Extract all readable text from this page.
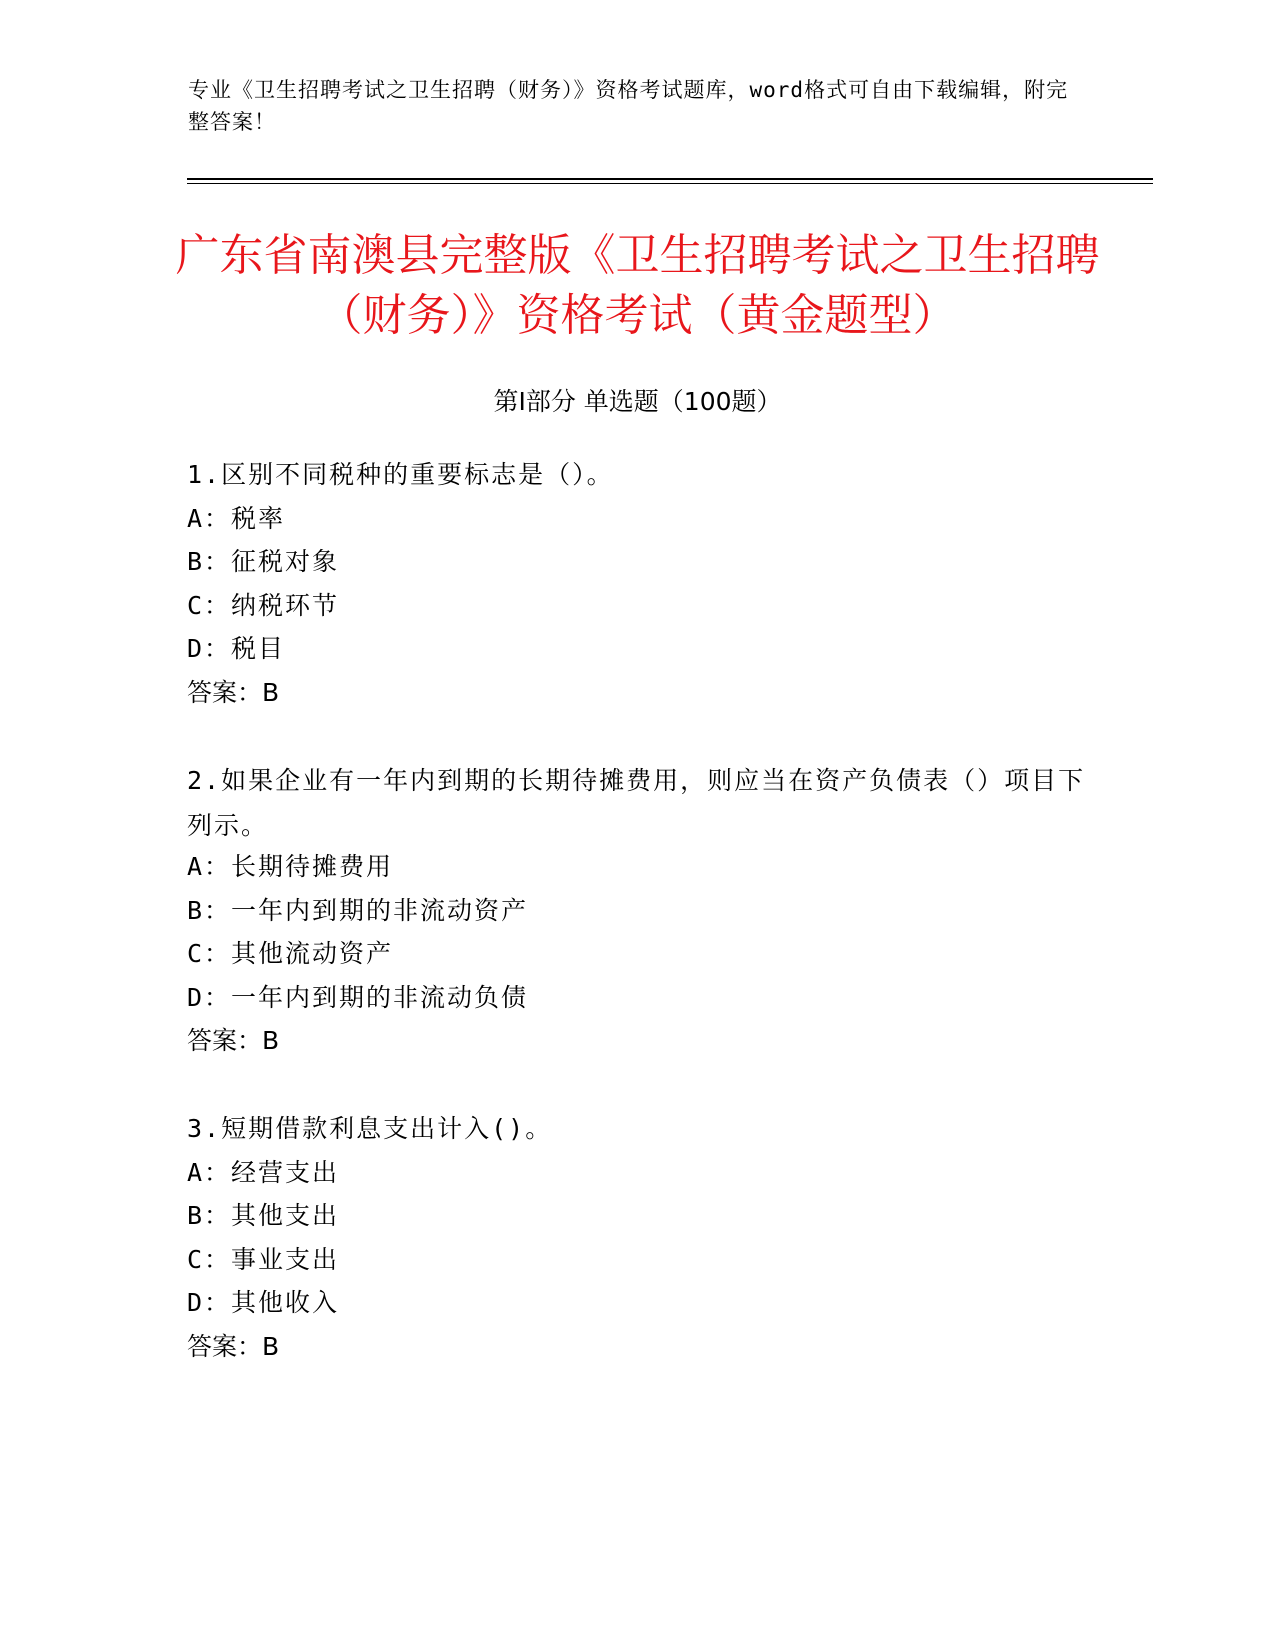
专业《卫生招聘考试之卫生招聘（财务）》资格考试题库，word格式可自由下载编辑，附完整答案！
广东省南澳县完整版《卫生招聘考试之卫生招聘（财务）》资格考试（黄金题型）
第Ⅰ部分 单选题（100题）
1.区别不同税种的重要标志是（）。
A：税率
B：征税对象
C：纳税环节
D：税目
答案：B
2.如果企业有一年内到期的长期待摊费用，则应当在资产负债表（）项目下列示。
A：长期待摊费用
B：一年内到期的非流动资产
C：其他流动资产
D：一年内到期的非流动负债
答案：B
3.短期借款利息支出计入()。
A：经营支出
B：其他支出
C：事业支出
D：其他收入
答案：B
